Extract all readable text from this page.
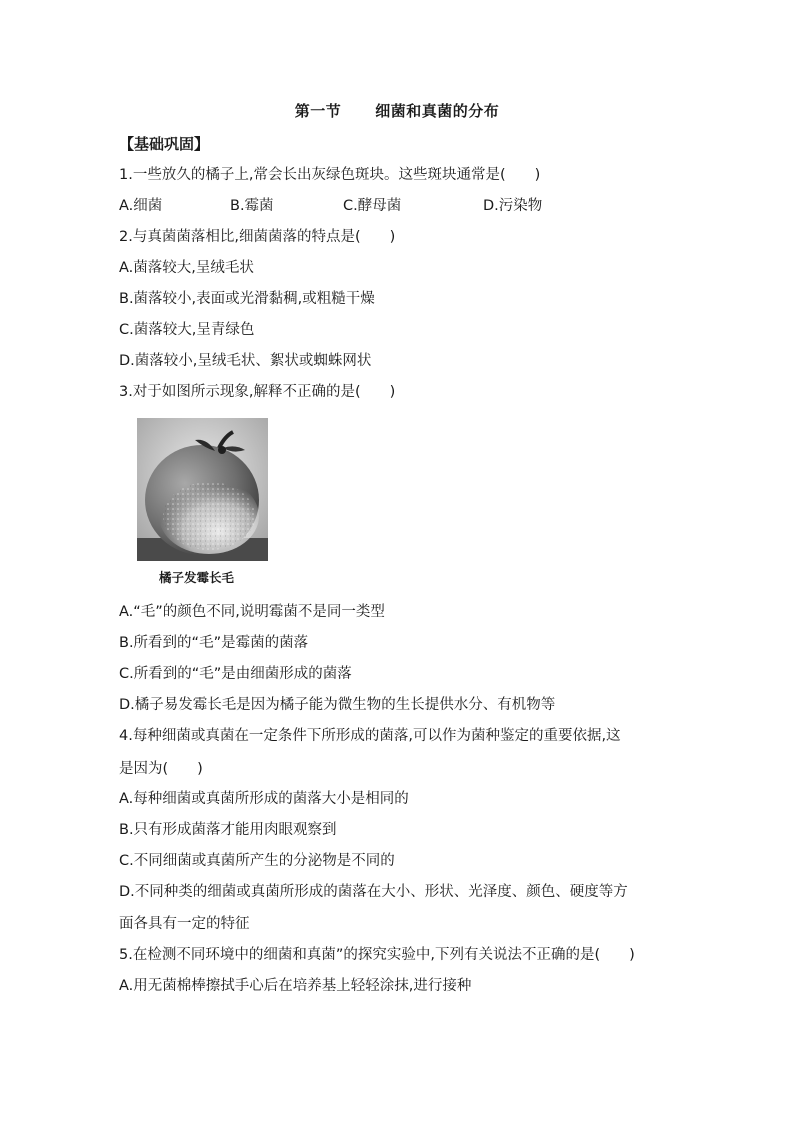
第一节 细菌和真菌的分布
【基础巩固】
1.一些放久的橘子上,常会长出灰绿色斑块。这些斑块通常是(　　)
A.细菌	B.霉菌	C.酵母菌	D.污染物
2.与真菌菌落相比,细菌菌落的特点是(　　)
A.菌落较大,呈绒毛状
B.菌落较小,表面或光滑黏稠,或粗糙干燥
C.菌落较大,呈青绿色
D.菌落较小,呈绒毛状、絮状或蜘蛛网状
3.对于如图所示现象,解释不正确的是(　　)
橘子发霉长毛
A.“毛”的颜色不同,说明霉菌不是同一类型
B.所看到的“毛”是霉菌的菌落
C.所看到的“毛”是由细菌形成的菌落
D.橘子易发霉长毛是因为橘子能为微生物的生长提供水分、有机物等
4.每种细菌或真菌在一定条件下所形成的菌落,可以作为菌种鉴定的重要依据,这
是因为(　　)
A.每种细菌或真菌所形成的菌落大小是相同的
B.只有形成菌落才能用肉眼观察到
C.不同细菌或真菌所产生的分泌物是不同的
D.不同种类的细菌或真菌所形成的菌落在大小、形状、光泽度、颜色、硬度等方
面各具有一定的特征
5.在检测不同环境中的细菌和真菌”的探究实验中,下列有关说法不正确的是(　　)
A.用无菌棉棒擦拭手心后在培养基上轻轻涂抹,进行接种
